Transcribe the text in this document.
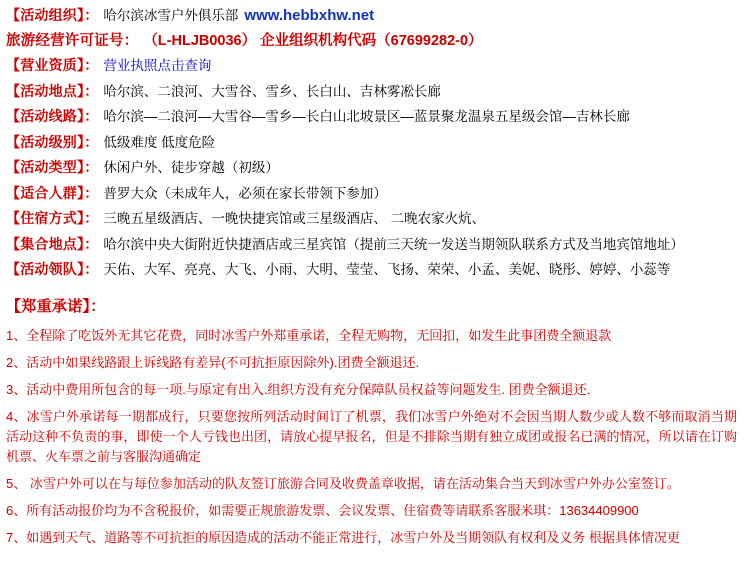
【活动组织】： 哈尔滨冰雪户外俱乐部 www.hebbxhw.net
旅游经营许可证号： （L-HLJB0036） 企业组织机构代码（67699282-0）
【营业资质】： 营业执照点击查询
【活动地点】： 哈尔滨、二浪河、大雪谷、雪乡、长白山、吉林雾凇长廊
【活动线路】： 哈尔滨—二浪河—大雪谷—雪乡—长白山北坡景区—蓝景聚龙温泉五星级会馆—吉林长廊
【活动级别】： 低级难度 低度危险
【活动类型】： 休闲户外、徒步穿越（初级）
【适合人群】： 普罗大众（未成年人，必须在家长带领下参加）
【住宿方式】： 三晚五星级酒店、一晚快捷宾馆或三星级酒店、 二晚农家火炕、
【集合地点】： 哈尔滨中央大街附近快捷酒店或三星宾馆（提前三天统一发送当期领队联系方式及当地宾馆地址）
【活动领队】： 天佑、大军、亮亮、大飞、小雨、大明、莹莹、飞扬、荣荣、小孟、美妮、晓彤、婷婷、小蕊等
【郑重承诺】：
1、全程除了吃饭外无其它花费，同时冰雪户外郑重承诺，全程无购物，无回扣，如发生此事团费全额退款
2、活动中如果线路跟上诉线路有差异(不可抗拒原因除外).团费全额退还.
3、活动中费用所包含的每一项.与原定有出入.组织方没有充分保障队员权益等问题发生. 团费全额退还.
4、冰雪户外承诺每一期都成行，只要您按所列活动时间订了机票，我们冰雪户外绝对不会因当期人数少或人数不够而取消当期活动这种不负责的事，即使一个人亏钱也出团，请放心提早报名，但是不排除当期有独立成团或报名已满的情况，所以请在订购机票、火车票之前与客服沟通确定
5、 冰雪户外可以在与每位参加活动的队友签订旅游合同及收费盖章收据，请在活动集合当天到冰雪户外办公室签订。
6、所有活动报价均为不含税报价，如需要正规旅游发票、会议发票、住宿费等请联系客服米琪：13634409900
7、如遇到天气、道路等不可抗拒的原因造成的活动不能正常进行，冰雪户外及当期领队有权利及义务 根据具体情况更
